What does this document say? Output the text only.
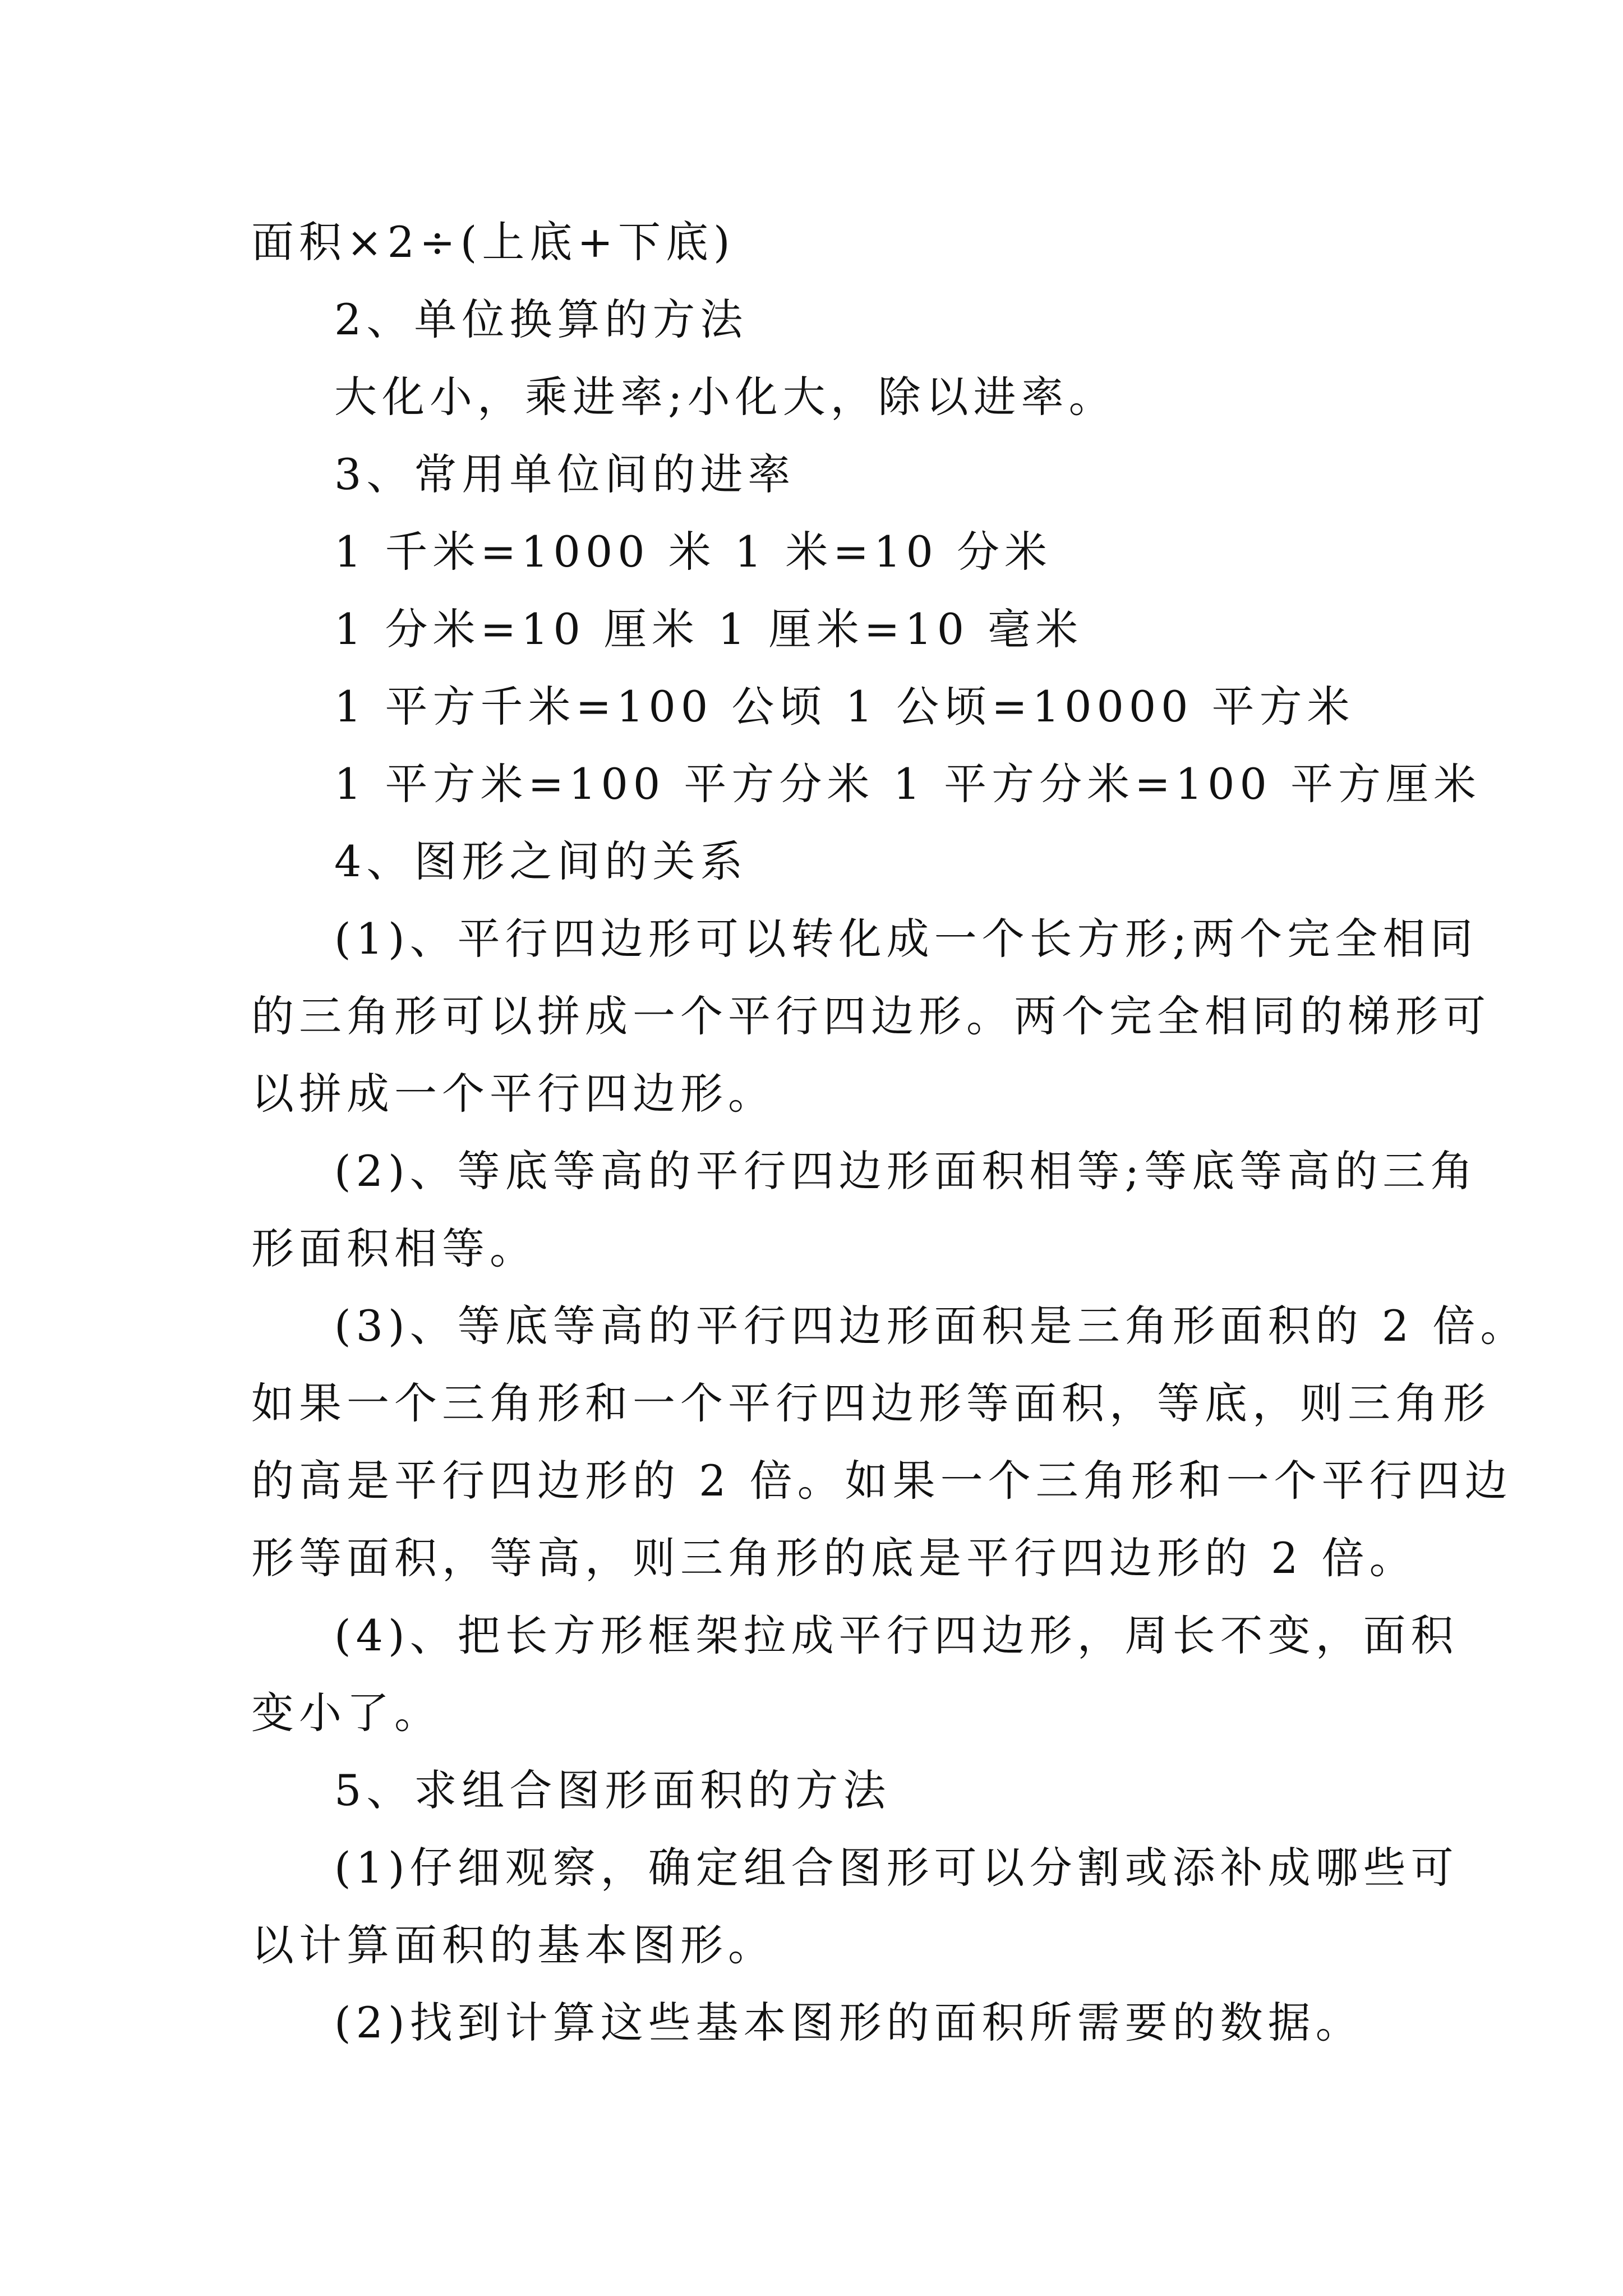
面积×2÷(上底+下底)
2、单位换算的方法
大化小，乘进率;小化大，除以进率。
3、常用单位间的进率
1 千米=1000 米 1 米=10 分米
1 分米=10 厘米 1 厘米=10 毫米
1 平方千米=100 公顷 1 公顷=10000 平方米
1 平方米=100 平方分米 1 平方分米=100 平方厘米
4、图形之间的关系
(1)、平行四边形可以转化成一个长方形;两个完全相同
的三角形可以拼成一个平行四边形。两个完全相同的梯形可
以拼成一个平行四边形。
(2)、等底等高的平行四边形面积相等;等底等高的三角
形面积相等。
(3)、等底等高的平行四边形面积是三角形面积的 2 倍。
如果一个三角形和一个平行四边形等面积，等底，则三角形
的高是平行四边形的 2 倍。如果一个三角形和一个平行四边
形等面积，等高，则三角形的底是平行四边形的 2 倍。
(4)、把长方形框架拉成平行四边形，周长不变，面积
变小了。
5、求组合图形面积的方法
(1)仔细观察，确定组合图形可以分割或添补成哪些可
以计算面积的基本图形。
(2)找到计算这些基本图形的面积所需要的数据。
